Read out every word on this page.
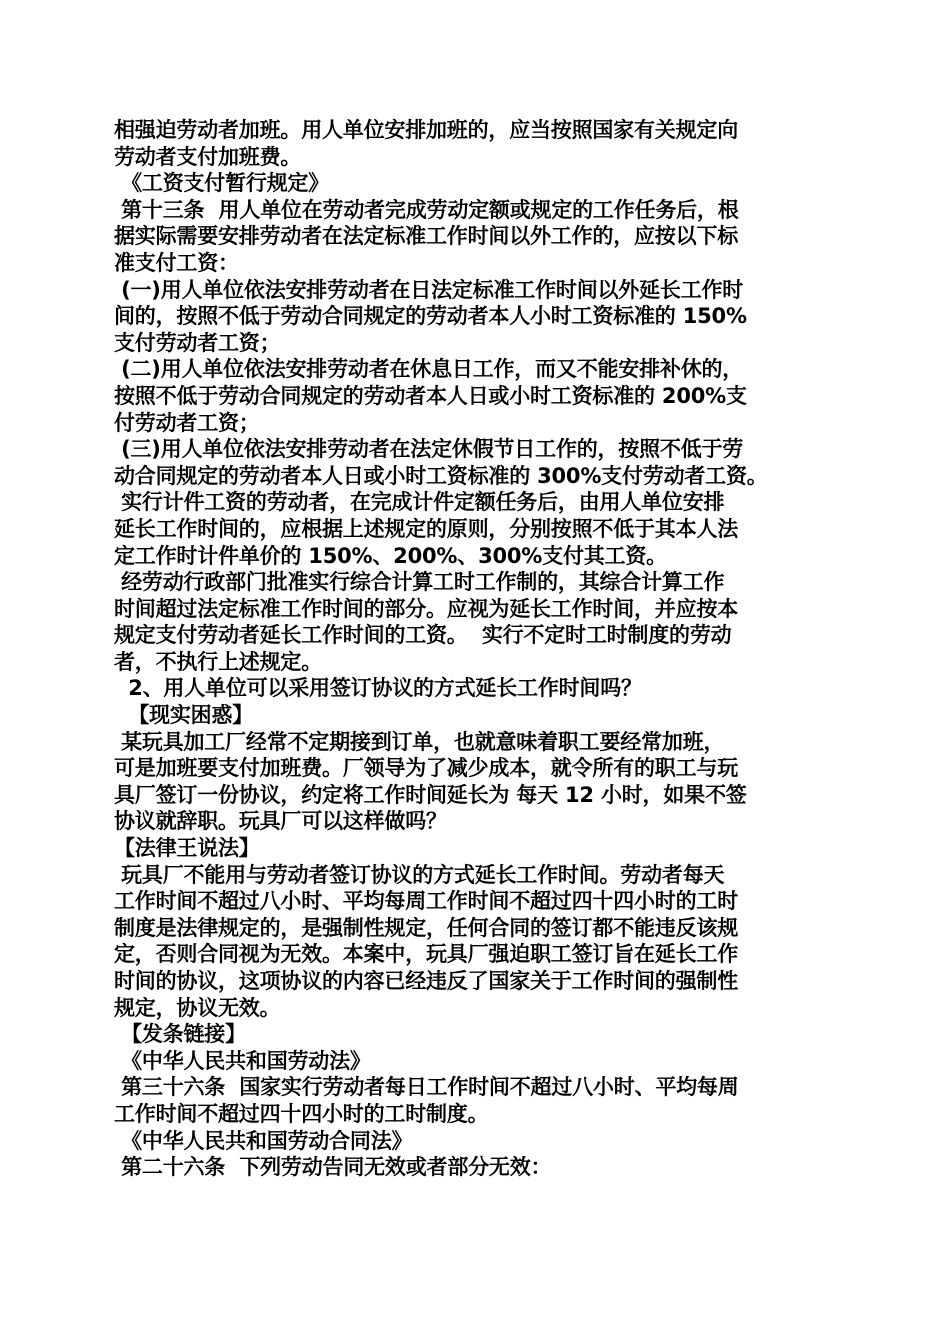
相强迫劳动者加班。用人单位安排加班的，应当按照国家有关规定向
劳动者支付加班费。
《工资支付暂行规定》
第十三条  用人单位在劳动者完成劳动定额或规定的工作任务后，根
据实际需要安排劳动者在法定标准工作时间以外工作的，应按以下标
准支付工资：
(一)用人单位依法安排劳动者在日法定标准工作时间以外延长工作时
间的，按照不低于劳动合同规定的劳动者本人小时工资标准的 150%
支付劳动者工资；
(二)用人单位依法安排劳动者在休息日工作，而又不能安排补休的，
按照不低于劳动合同规定的劳动者本人日或小时工资标准的 200%支
付劳动者工资；
(三)用人单位依法安排劳动者在法定休假节日工作的，按照不低于劳
动合同规定的劳动者本人日或小时工资标准的 300%支付劳动者工资。
实行计件工资的劳动者，在完成计件定额任务后，由用人单位安排
延长工作时间的，应根据上述规定的原则，分别按照不低于其本人法
定工作时计件单价的 150%、200%、300%支付其工资。
经劳动行政部门批准实行综合计算工时工作制的，其综合计算工作
时间超过法定标准工作时间的部分。应视为延长工作时间，并应按本
规定支付劳动者延长工作时间的工资。  实行不定时工时制度的劳动
者，不执行上述规定。
2、用人单位可以采用签订协议的方式延长工作时间吗？
【现实困惑】
某玩具加工厂经常不定期接到订单，也就意味着职工要经常加班，
可是加班要支付加班费。厂领导为了减少成本，就令所有的职工与玩
具厂签订一份协议，约定将工作时间延长为 每天 12 小时，如果不签
协议就辞职。玩具厂可以这样做吗？
【法律王说法】
玩具厂不能用与劳动者签订协议的方式延长工作时间。劳动者每天
工作时间不超过八小时、平均每周工作时间不超过四十四小时的工时
制度是法律规定的，是强制性规定，任何合同的签订都不能违反该规
定，否则合同视为无效。本案中，玩具厂强迫职工签订旨在延长工作
时间的协议，这项协议的内容已经违反了国家关于工作时间的强制性
规定，协议无效。
【发条链接】
《中华人民共和国劳动法》
第三十六条  国家实行劳动者每日工作时间不超过八小时、平均每周
工作时间不超过四十四小时的工时制度。
《中华人民共和国劳动合同法》
第二十六条  下列劳动告同无效或者部分无效：
